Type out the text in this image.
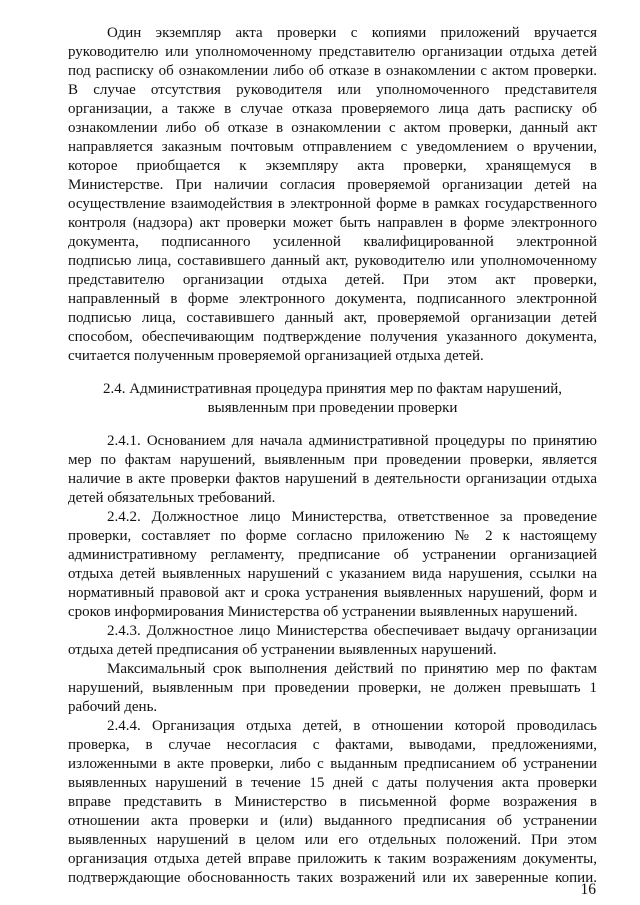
Один экземпляр акта проверки с копиями приложений вручается
руководителю или уполномоченному представителю организации отдыха детей
под расписку об ознакомлении либо об отказе в ознакомлении с актом проверки.
В случае отсутствия руководителя или уполномоченного представителя
организации, а также в случае отказа проверяемого лица дать расписку об
ознакомлении либо об отказе в ознакомлении с актом проверки, данный акт
направляется заказным почтовым отправлением с уведомлением о вручении,
которое приобщается к экземпляру акта проверки, хранящемуся в
Министерстве. При наличии согласия проверяемой организации детей на
осуществление взаимодействия в электронной форме в рамках государственного
контроля (надзора) акт проверки может быть направлен в форме электронного
документа, подписанного усиленной квалифицированной электронной
подписью лица, составившего данный акт, руководителю или уполномоченному
представителю организации отдыха детей. При этом акт проверки,
направленный в форме электронного документа, подписанного электронной
подписью лица, составившего данный акт, проверяемой организации детей
способом, обеспечивающим подтверждение получения указанного документа,
считается полученным проверяемой организацией отдыха детей.
2.4. Административная процедура принятия мер по фактам нарушений,
выявленным при проведении проверки
2.4.1. Основанием для начала административной процедуры по принятию
мер по фактам нарушений, выявленным при проведении проверки, является
наличие в акте проверки фактов нарушений в деятельности организации отдыха
детей обязательных требований.
2.4.2. Должностное лицо Министерства, ответственное за проведение
проверки, составляет по форме согласно приложению № 2 к настоящему
административному регламенту, предписание об устранении организацией
отдыха детей выявленных нарушений с указанием вида нарушения, ссылки на
нормативный правовой акт и срока устранения выявленных нарушений, форм и
сроков информирования Министерства об устранении выявленных нарушений.
2.4.3. Должностное лицо Министерства обеспечивает выдачу организации
отдыха детей предписания об устранении выявленных нарушений.
Максимальный срок выполнения действий по принятию мер по фактам
нарушений, выявленным при проведении проверки, не должен превышать 1
рабочий день.
2.4.4. Организация отдыха детей, в отношении которой проводилась
проверка, в случае несогласия с фактами, выводами, предложениями,
изложенными в акте проверки, либо с выданным предписанием об устранении
выявленных нарушений в течение 15 дней с даты получения акта проверки
вправе представить в Министерство в письменной форме возражения в
отношении акта проверки и (или) выданного предписания об устранении
выявленных нарушений в целом или его отдельных положений. При этом
организация отдыха детей вправе приложить к таким возражениям документы,
подтверждающие обоснованность таких возражений или их заверенные копии.
16
